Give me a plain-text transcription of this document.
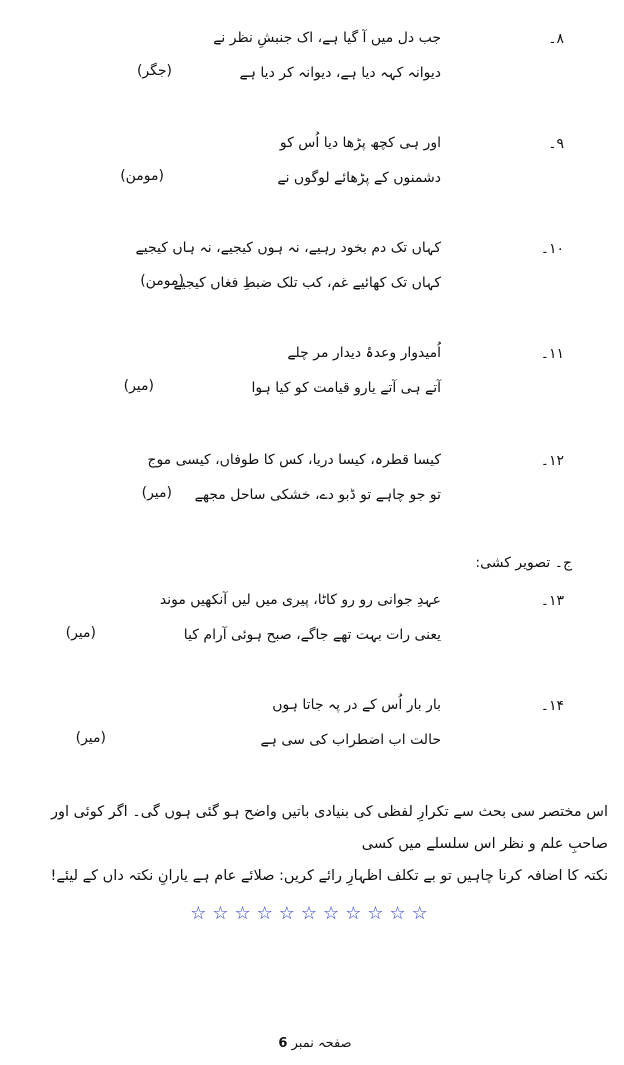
۸۔
جب دل میں آ گیا ہے، اک جنبشِ نظر نے
دیوانہ کہہ دیا ہے، دیوانہ کر دیا ہے
(جگر)
۹۔
اور ہی کچھ پڑھا دیا اُس کو
دشمنوں کے پڑھائے لوگوں نے
(مومن)
۱۰۔
کہاں تک دم بخود رہیے، نہ ہوں کیجیے، نہ ہاں کیجیے
کہاں تک کھائیے غم، کب تلک ضبطِ فغاں کیجیے
(مومن)
۱۱۔
اُمیدوار وعدۂ دیدار مر چلے
آتے ہی آتے یارو قیامت کو کیا ہوا
(میر)
۱۲۔
کیسا قطرہ، کیسا دریا، کس کا طوفاں، کیسی موج
تو جو چاہے تو ڈبو دے، خشکی ساحل مجھے
(میر)
ج۔ تصویر کشی:
۱۳۔
عہدِ جوانی رو رو کاٹا، پیری میں لیں آنکھیں موند
یعنی رات بہت تھے جاگے، صبح ہوئی آرام کیا
(میر)
۱۴۔
بار بار اُس کے در پہ جاتا ہوں
حالت اب اضطراب کی سی ہے
(میر)
اس مختصر سی بحث سے تکرارِ لفظی کی بنیادی باتیں واضح ہو گئی ہوں گی۔ اگر کوئی اور صاحبِ علم و نظر اس سلسلے میں کسی
نکتہ کا اضافہ کرنا چاہیں تو بے تکلف اظہارِ رائے کریں: صلائے عام ہے یارانِ نکتہ داں کے لیئے!
☆☆☆☆☆☆☆☆☆☆☆
صفحہ نمبر 6
